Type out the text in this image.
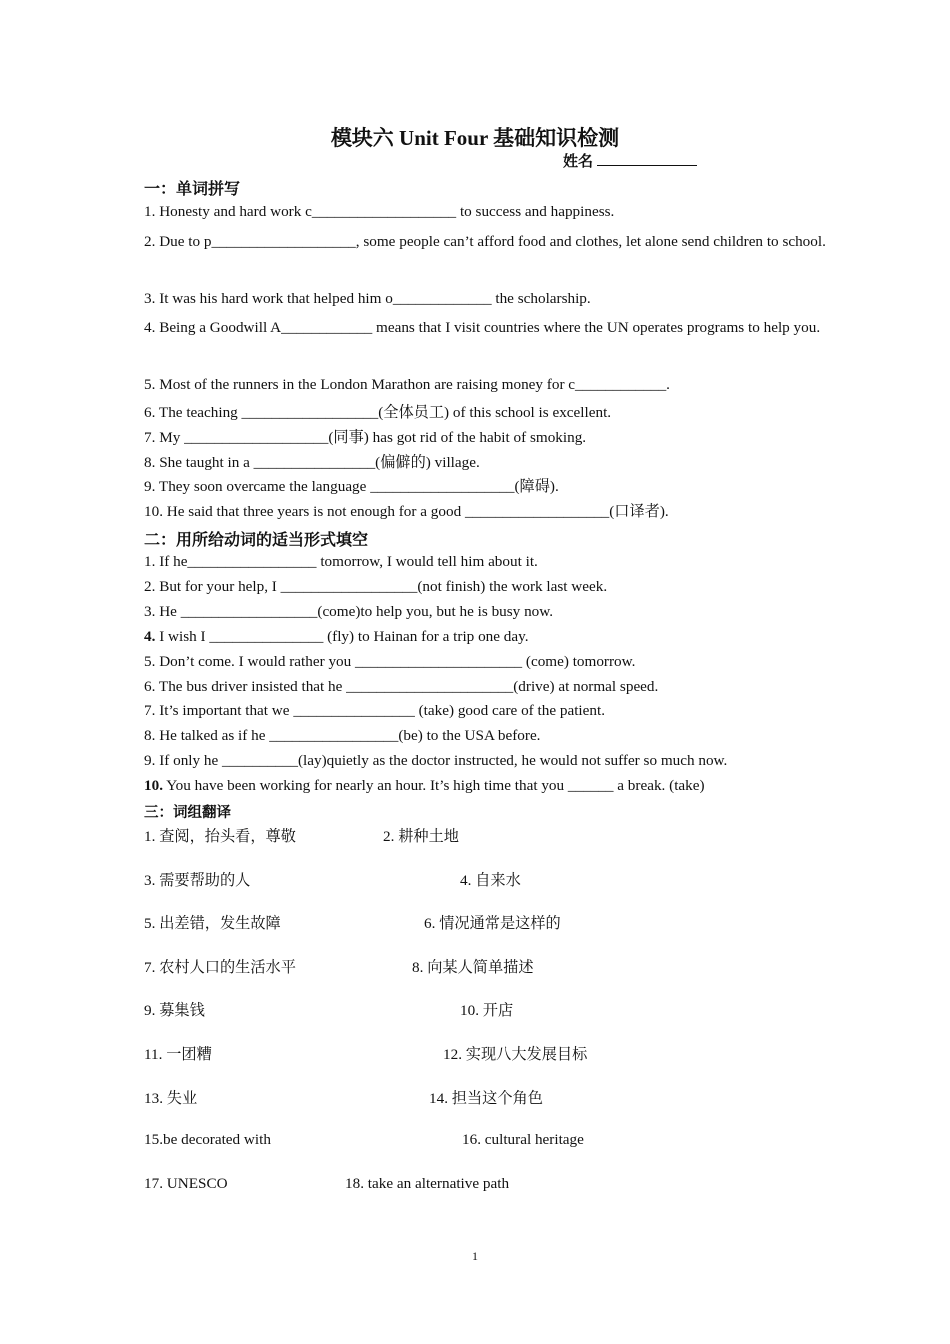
模块六 Unit Four 基础知识检测
姓名
一：单词拼写
1. Honesty and hard work c___________________ to success and happiness.
2. Due to p___________________, some people can’t afford food and clothes, let alone send children to school.
3. It was his hard work that helped him o_____________ the scholarship.
4. Being a Goodwill A____________ means that I visit countries where the UN operates programs to help you.
5. Most of the runners in the London Marathon are raising money for c____________.
6. The teaching __________________(全体员工) of this school is excellent.
7. My ___________________(同事) has got rid of the habit of smoking.
8. She taught in a ________________(偏僻的) village.
9. They soon overcame the language ___________________(障碍).
10. He said that three years is not enough for a good ___________________(口译者).
二：用所给动词的适当形式填空
1. If he_________________ tomorrow, I would tell him about it.
2. But for your help, I __________________(not finish) the work last week.
3. He __________________(come)to help you, but he is busy now.
4. I wish I _______________ (fly) to Hainan for a trip one day.
5. Don’t come. I would rather you ______________________ (come) tomorrow.
6. The bus driver insisted that he ______________________(drive) at normal speed.
7. It’s important that we ________________ (take) good care of the patient.
8. He talked as if he _________________(be) to the USA before.
9. If only he __________(lay)quietly as the doctor instructed, he would not suffer so much now.
10. You have been working for nearly an hour. It’s high time that you ______ a break. (take)
三：词组翻译
1. 查阅，抬头看，尊敬	2. 耕种土地
3. 需要帮助的人	4. 自来水
5. 出差错，发生故障	6. 情况通常是这样的
7. 农村人口的生活水平	8. 向某人简单描述
9. 募集钱	10. 开店
11. 一团糟	12. 实现八大发展目标
13. 失业	14. 担当这个角色
15.be decorated with	16. cultural heritage
17. UNESCO	18. take an alternative path
1
